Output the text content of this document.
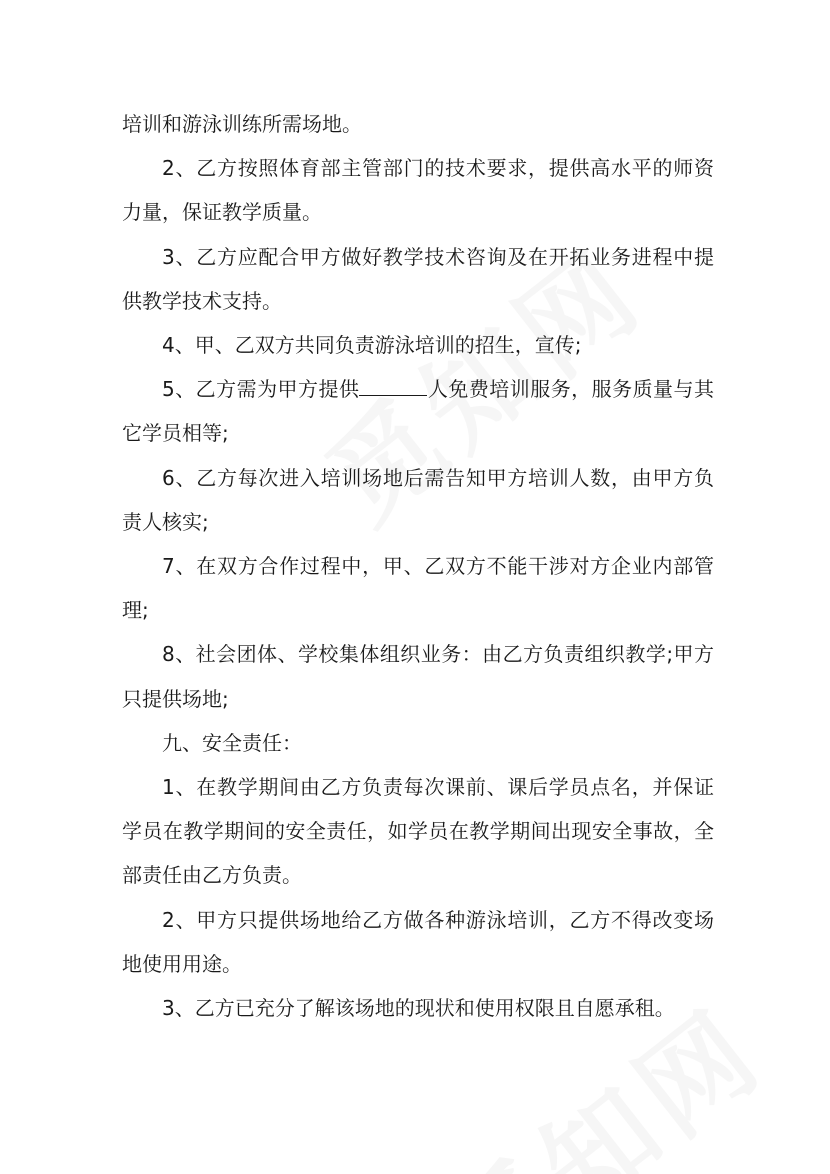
培训和游泳训练所需场地。

2、乙方按照体育部主管部门的技术要求，提供高水平的师资力量，保证教学质量。

3、乙方应配合甲方做好教学技术咨询及在开拓业务进程中提供教学技术支持。

4、甲、乙双方共同负责游泳培训的招生，宣传;

5、乙方需为甲方提供	人免费培训服务，服务质量与其它学员相等;

6、乙方每次进入培训场地后需告知甲方培训人数，由甲方负责人核实;

7、在双方合作过程中，甲、乙双方不能干涉对方企业内部管理;

8、社会团体、学校集体组织业务：由乙方负责组织教学;甲方只提供场地;

九、安全责任：

1、在教学期间由乙方负责每次课前、课后学员点名，并保证学员在教学期间的安全责任，如学员在教学期间出现安全事故，全部责任由乙方负责。

2、甲方只提供场地给乙方做各种游泳培训，乙方不得改变场地使用用途。

3、乙方已充分了解该场地的现状和使用权限且自愿承租。
